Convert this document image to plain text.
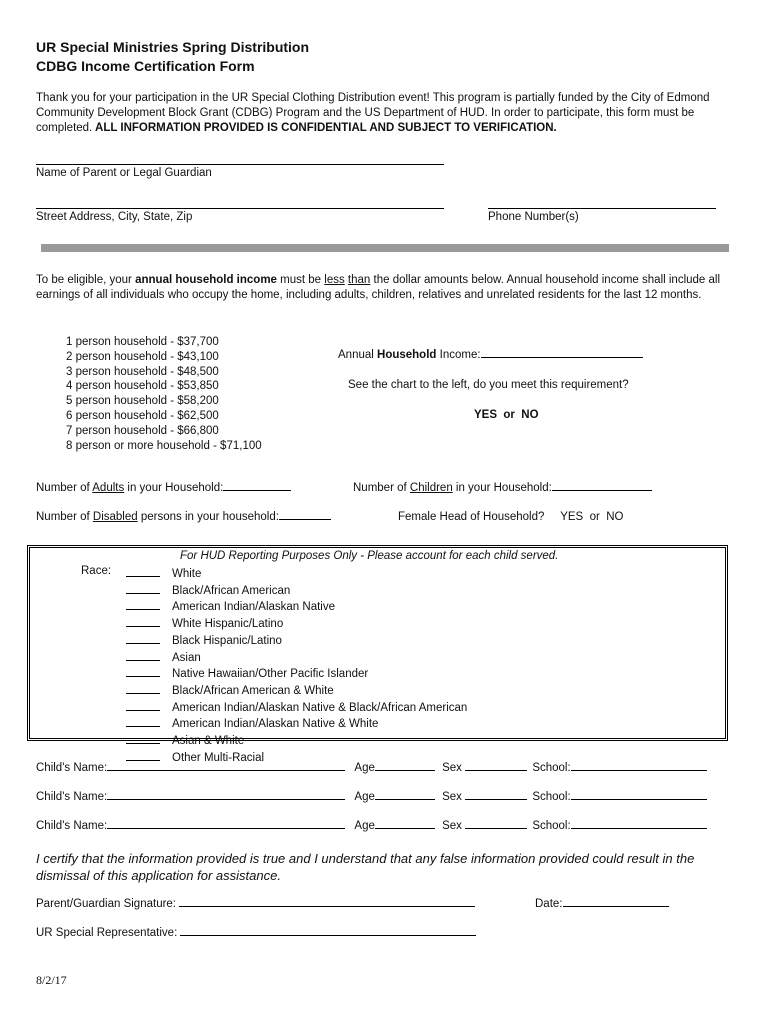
UR Special Ministries Spring Distribution
CDBG Income Certification Form
Thank you for your participation in the UR Special Clothing Distribution event! This program is partially funded by the City of Edmond Community Development Block Grant (CDBG) Program and the US Department of HUD. In order to participate, this form must be completed. ALL INFORMATION PROVIDED IS CONFIDENTIAL AND SUBJECT TO VERIFICATION.
Name of Parent or Legal Guardian
Street Address, City, State, Zip	Phone Number(s)
To be eligible, your annual household income must be less than the dollar amounts below. Annual household income shall include all earnings of all individuals who occupy the home, including adults, children, relatives and unrelated residents for the last 12 months.
1 person household - $37,700
2 person household - $43,100
3 person household - $48,500
4 person household - $53,850
5 person household - $58,200
6 person household - $62,500
7 person household - $66,800
8 person or more household - $71,100
Annual Household Income:
See the chart to the left, do you meet this requirement?
YES  or  NO
Number of Adults in your Household:	Number of Children in your Household:
Number of Disabled persons in your household:	Female Head of Household? YES  or  NO
For HUD Reporting Purposes Only - Please account for each child served.
Race:	White
Black/African American
American Indian/Alaskan Native
White Hispanic/Latino
Black Hispanic/Latino
Asian
Native Hawaiian/Other Pacific Islander
Black/African American & White
American Indian/Alaskan Native & Black/African American
American Indian/Alaskan Native & White
Asian & White
Other Multi-Racial
Child's Name:	Age	Sex	School:
Child's Name:	Age	Sex	School:
Child's Name:	Age	Sex	School:
I certify that the information provided is true and I understand that any false information provided could result in the dismissal of this application for assistance.
Parent/Guardian Signature:	Date:
UR Special Representative:
8/2/17
